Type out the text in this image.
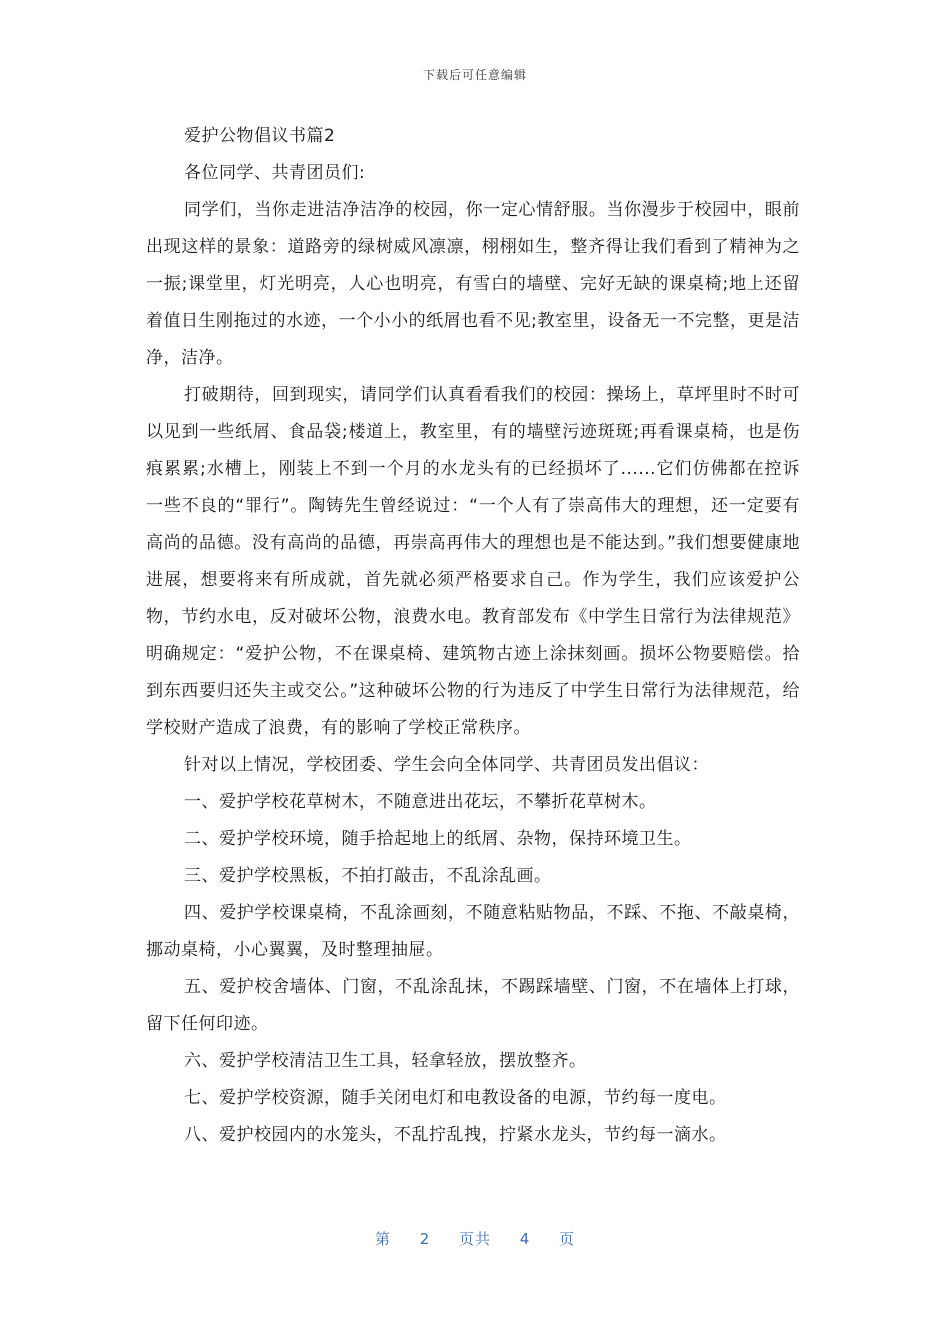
下载后可任意编辑

爱护公物倡议书篇2

各位同学、共青团员们:

同学们，当你走进洁净洁净的校园，你一定心情舒服。当你漫步于校园中，眼前出现这样的景象：道路旁的绿树威风凛凛，栩栩如生，整齐得让我们看到了精神为之一振;课堂里，灯光明亮，人心也明亮，有雪白的墙壁、完好无缺的课桌椅;地上还留着值日生刚拖过的水迹，一个小小的纸屑也看不见;教室里，设备无一不完整，更是洁净，洁净。

打破期待，回到现实，请同学们认真看看我们的校园：操场上，草坪里时不时可以见到一些纸屑、食品袋;楼道上，教室里，有的墙壁污迹斑斑;再看课桌椅，也是伤痕累累;水槽上，刚装上不到一个月的水龙头有的已经损坏了......它们仿佛都在控诉一些不良的“罪行”。陶铸先生曾经说过：“一个人有了崇高伟大的理想，还一定要有高尚的品德。没有高尚的品德，再崇高再伟大的理想也是不能达到。”我们想要健康地进展，想要将来有所成就，首先就必须严格要求自己。作为学生，我们应该爱护公物，节约水电，反对破坏公物，浪费水电。教育部发布《中学生日常行为法律规范》明确规定：“爱护公物，不在课桌椅、建筑物古迹上涂抹刻画。损坏公物要赔偿。拾到东西要归还失主或交公。”这种破坏公物的行为违反了中学生日常行为法律规范，给学校财产造成了浪费，有的影响了学校正常秩序。

针对以上情况，学校团委、学生会向全体同学、共青团员发出倡议：

一、爱护学校花草树木，不随意进出花坛，不攀折花草树木。

二、爱护学校环境，随手拾起地上的纸屑、杂物，保持环境卫生。

三、爱护学校黑板，不拍打敲击，不乱涂乱画。

四、爱护学校课桌椅，不乱涂画刻，不随意粘贴物品，不踩、不拖、不敲桌椅，挪动桌椅，小心翼翼，及时整理抽屉。

五、爱护校舍墙体、门窗，不乱涂乱抹，不踢踩墙壁、门窗，不在墙体上打球，留下任何印迹。

六、爱护学校清洁卫生工具，轻拿轻放，摆放整齐。

七、爱护学校资源，随手关闭电灯和电教设备的电源，节约每一度电。

八、爱护校园内的水笼头，不乱拧乱拽，拧紧水龙头，节约每一滴水。

第 2 页共 4 页
